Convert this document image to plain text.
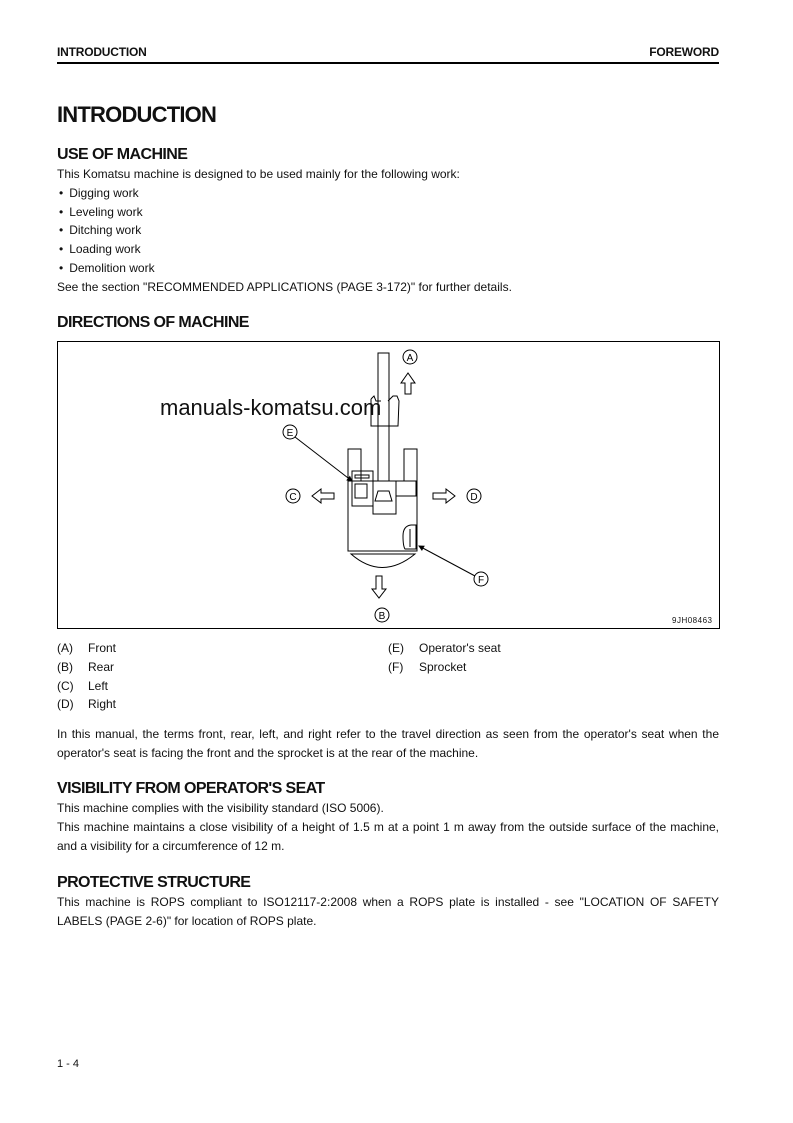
INTRODUCTION	FOREWORD
INTRODUCTION
USE OF MACHINE
This Komatsu machine is designed to be used mainly for the following work:
• Digging work
• Leveling work
• Ditching work
• Loading work
• Demolition work
See the section "RECOMMENDED APPLICATIONS (PAGE 3-172)" for further details.
DIRECTIONS OF MACHINE
A
B
C	D
E
F
9JH08463
manuals-komatsu.com
(A) Front
(B) Rear
(C) Left
(D) Right
(E) Operator's seat
(F) Sprocket
In this manual, the terms front, rear, left, and right refer to the travel direction as seen from the operator's seat when the operator's seat is facing the front and the sprocket is at the rear of the machine.
VISIBILITY FROM OPERATOR'S SEAT
This machine complies with the visibility standard (ISO 5006).
This machine maintains a close visibility of a height of 1.5 m at a point 1 m away from the outside surface of the machine, and a visibility for a circumference of 12 m.
PROTECTIVE STRUCTURE
This machine is ROPS compliant to ISO12117-2:2008 when a ROPS plate is installed - see "LOCATION OF SAFETY LABELS (PAGE 2-6)" for location of ROPS plate.
1 - 4
